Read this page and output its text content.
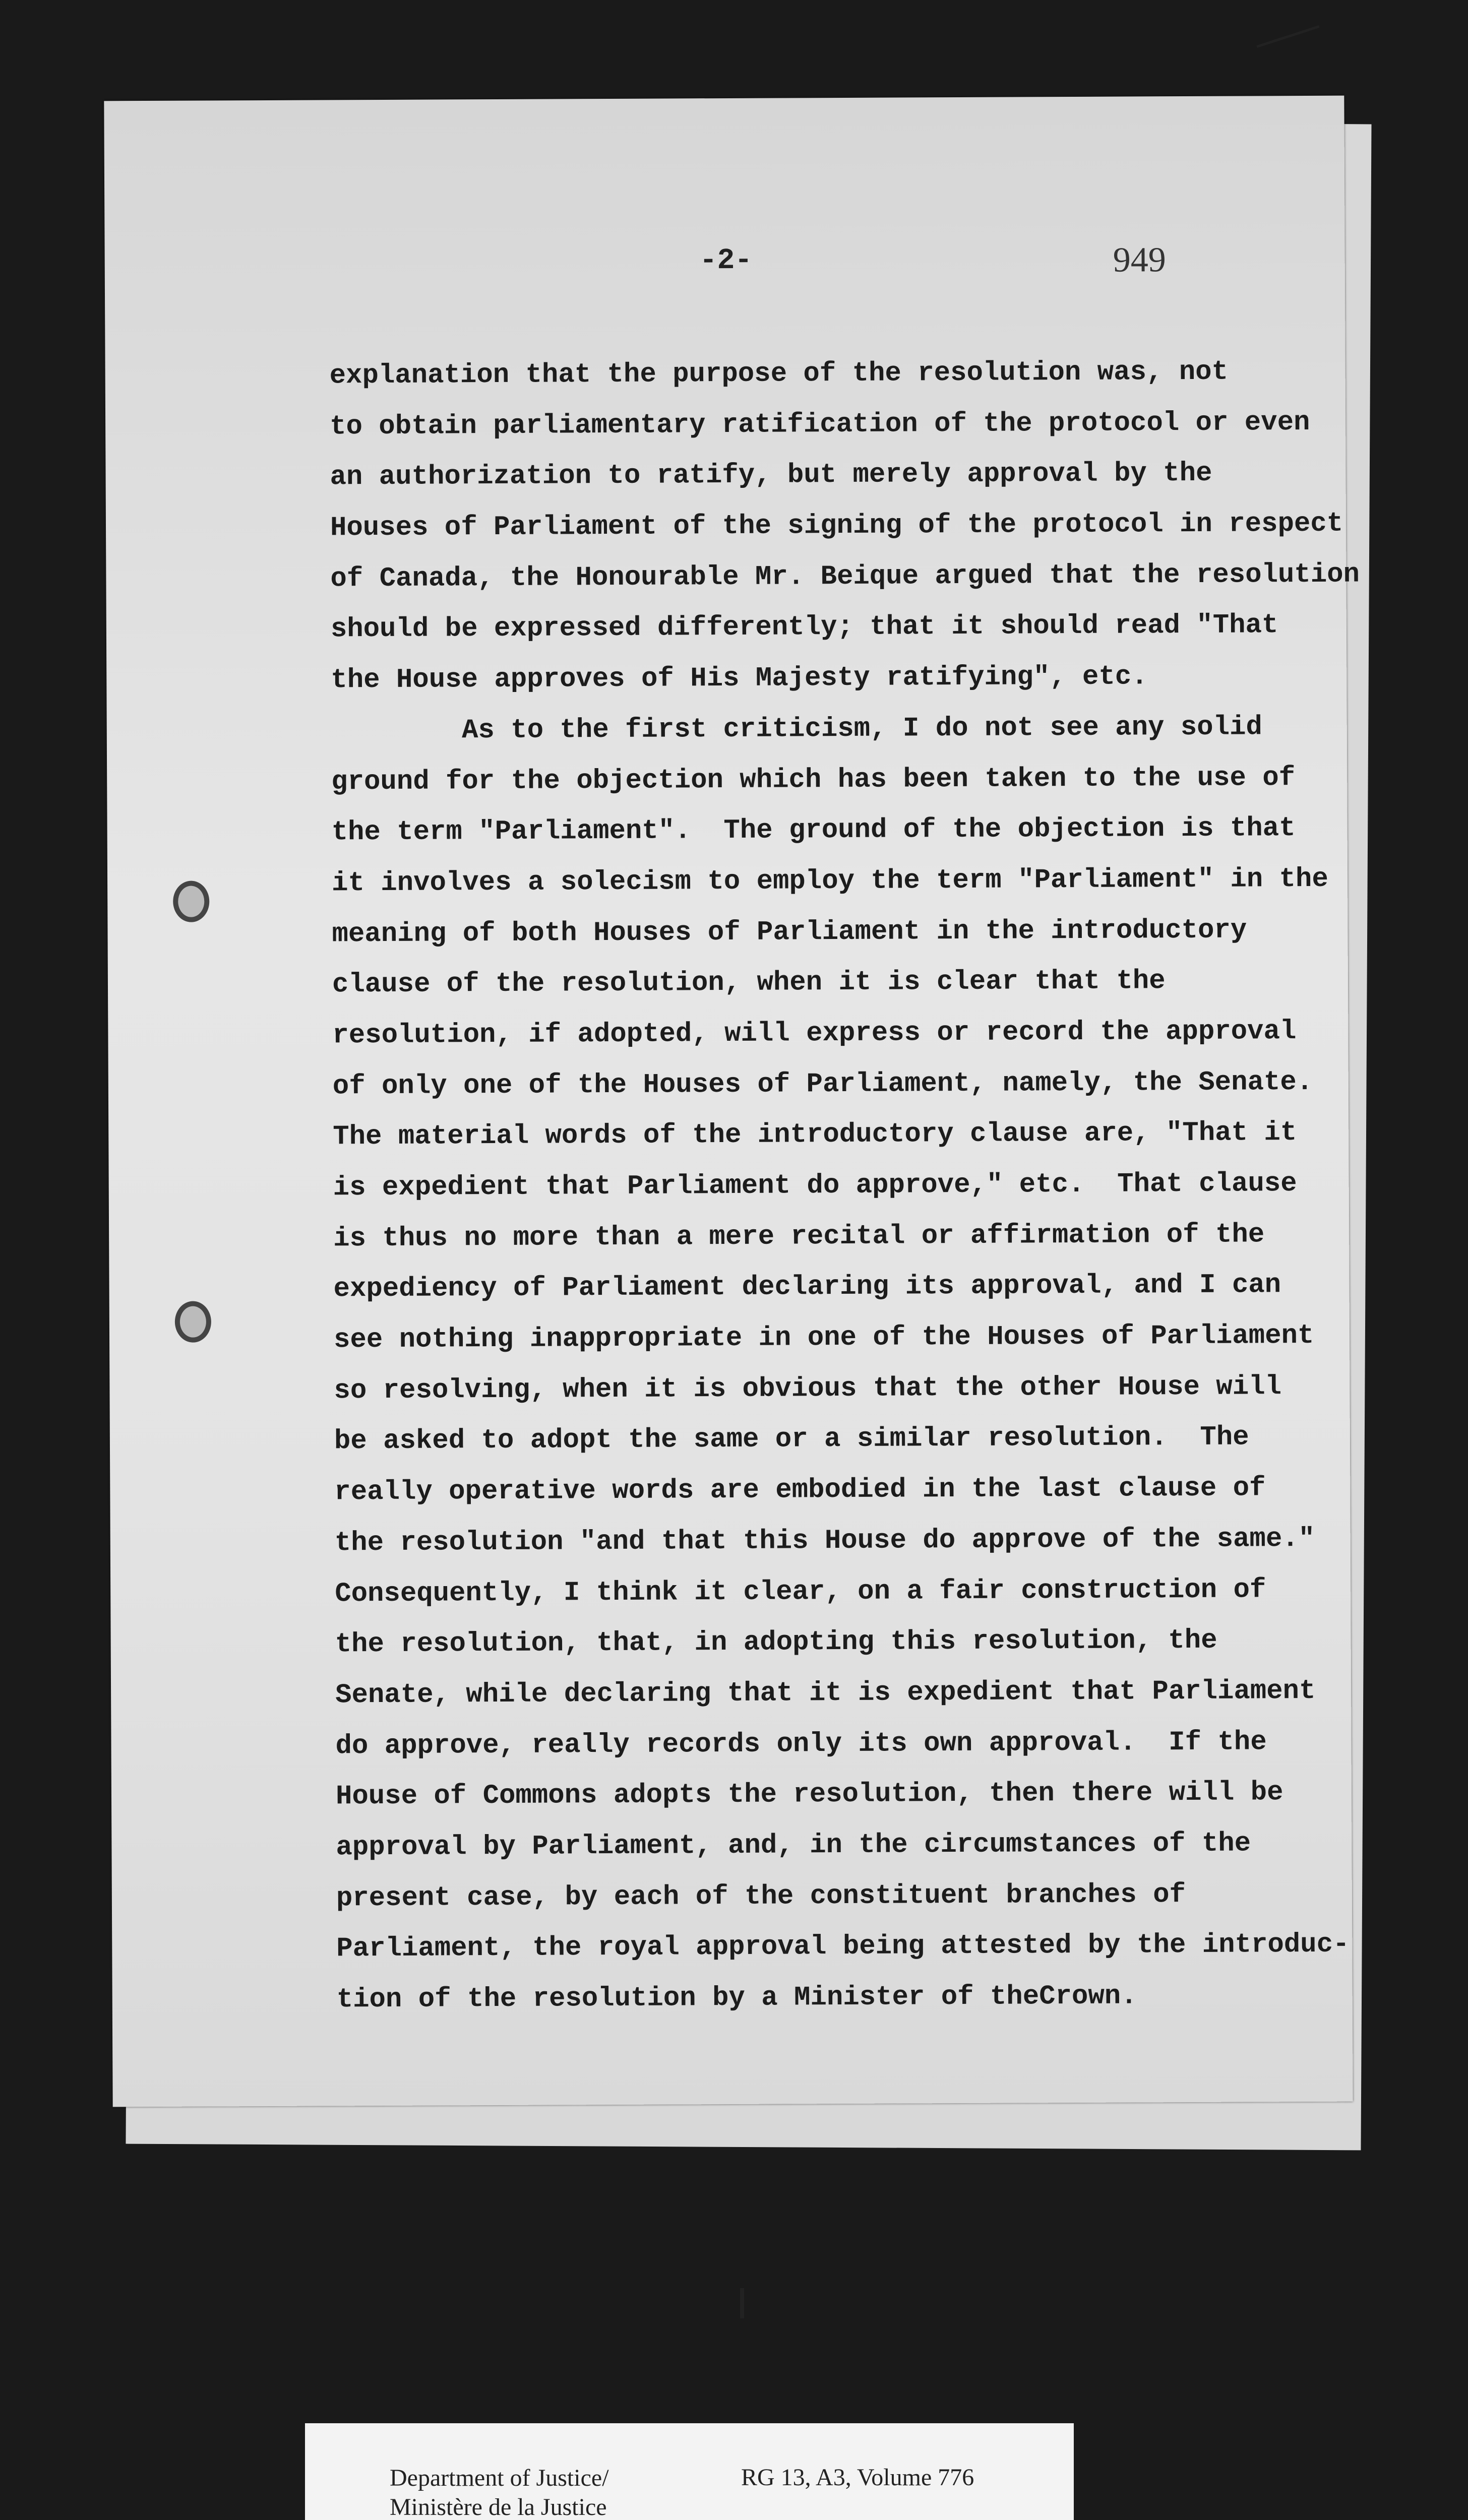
-2-	949
explanation that the purpose of the resolution was, not
to obtain parliamentary ratification of the protocol or even
an authorization to ratify, but merely approval by the
Houses of Parliament of the signing of the protocol in respect
of Canada, the Honourable Mr. Beique argued that the resolution
should be expressed differently; that it should read "That
the House approves of His Majesty ratifying", etc.
As to the first criticism, I do not see any solid
ground for the objection which has been taken to the use of
the term "Parliament".  The ground of the objection is that
it involves a solecism to employ the term "Parliament" in the
meaning of both Houses of Parliament in the introductory
clause of the resolution, when it is clear that the
resolution, if adopted, will express or record the approval
of only one of the Houses of Parliament, namely, the Senate.
The material words of the introductory clause are, "That it
is expedient that Parliament do approve," etc.  That clause
is thus no more than a mere recital or affirmation of the
expediency of Parliament declaring its approval, and I can
see nothing inappropriate in one of the Houses of Parliament
so resolving, when it is obvious that the other House will
be asked to adopt the same or a similar resolution.  The
really operative words are embodied in the last clause of
the resolution "and that this House do approve of the same."
Consequently, I think it clear, on a fair construction of
the resolution, that, in adopting this resolution, the
Senate, while declaring that it is expedient that Parliament
do approve, really records only its own approval.  If the
House of Commons adopts the resolution, then there will be
approval by Parliament, and, in the circumstances of the
present case, by each of the constituent branches of
Parliament, the royal approval being attested by the introduc-
tion of the resolution by a Minister of theCrown.
Department of Justice/
Ministère de la Justice
RG 13, A3, Volume 776
